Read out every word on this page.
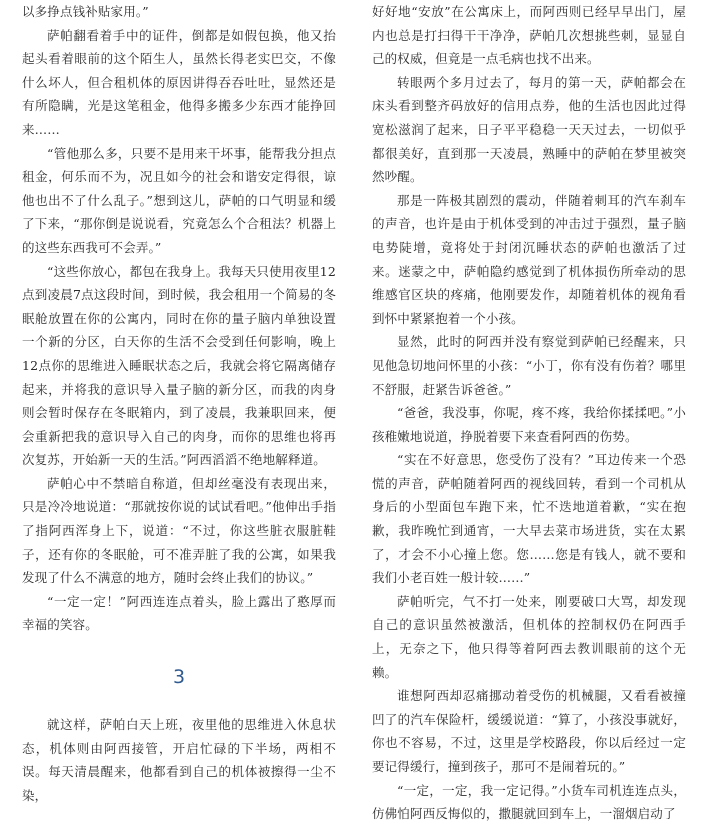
以多挣点钱补贴家用。”

萨帕翻看着手中的证件，倒都是如假包换，他又抬起头看着眼前的这个陌生人，虽然长得老实巴交，不像什么坏人，但合租机体的原因讲得吞吞吐吐，显然还是有所隐瞒，光是这笔租金，他得多搬多少东西才能挣回来……

“管他那么多，只要不是用来干坏事，能帮我分担点租金，何乐而不为，况且如今的社会和谐安定得很，谅他也出不了什么乱子。”想到这儿，萨帕的口气明显和缓了下来，“那你倒是说说看，究竟怎么个合租法？机器上的这些东西我可不会弄。”

“这些你放心，都包在我身上。我每天只使用夜里12点到凌晨7点这段时间，到时候，我会租用一个简易的冬眠舱放置在你的公寓内，同时在你的量子脑内单独设置一个新的分区，白天你的生活不会受到任何影响，晚上12点你的思维进入睡眠状态之后，我就会将它隔离储存起来，并将我的意识导入量子脑的新分区，而我的肉身则会暂时保存在冬眠箱内，到了凌晨，我兼职回来，便会重新把我的意识导入自己的肉身，而你的思维也将再次复苏，开始新一天的生活。”阿西滔滔不绝地解释道。

萨帕心中不禁暗自称道，但却丝毫没有表现出来，只是冷冷地说道：“那就按你说的试试看吧。”他伸出手指了指阿西浑身上下，说道：“不过，你这些脏衣服脏鞋子，还有你的冬眠舱，可不准弄脏了我的公寓，如果我发现了什么不满意的地方，随时会终止我们的协议。”

“一定一定！”阿西连连点着头，脸上露出了憨厚而幸福的笑容。

3

就这样，萨帕白天上班，夜里他的思维进入休息状态，机体则由阿西接管，开启忙碌的下半场，两相不误。每天清晨醒来，他都看到自己的机体被擦得一尘不染，

好好地“安放”在公寓床上，而阿西则已经早早出门，屋内也总是打扫得干干净净，萨帕几次想挑些刺，显显自己的权威，但竟是一点毛病也找不出来。

转眼两个多月过去了，每月的第一天，萨帕都会在床头看到整齐码放好的信用点券，他的生活也因此过得宽松滋润了起来，日子平平稳稳一天天过去，一切似乎都很美好，直到那一天凌晨，熟睡中的萨帕在梦里被突然吵醒。

那是一阵极其剧烈的震动，伴随着刺耳的汽车刹车的声音，也许是由于机体受到的冲击过于强烈，量子脑电势陡增，竟将处于封闭沉睡状态的萨帕也激活了过来。迷蒙之中，萨帕隐约感觉到了机体损伤所牵动的思维感官区块的疼痛，他刚要发作，却随着机体的视角看到怀中紧紧抱着一个小孩。

显然，此时的阿西并没有察觉到萨帕已经醒来，只见他急切地问怀里的小孩：“小丁，你有没有伤着？哪里不舒服，赶紧告诉爸爸。”

“爸爸，我没事，你呢，疼不疼，我给你揉揉吧。”小孩稚嫩地说道，挣脱着要下来查看阿西的伤势。

“实在不好意思，您受伤了没有？”耳边传来一个恐慌的声音，萨帕随着阿西的视线回转，看到一个司机从身后的小型面包车跑下来，忙不迭地道着歉，“实在抱歉，我昨晚忙到通宵，一大早去菜市场进货，实在太累了，才会不小心撞上您。您……您是有钱人，就不要和我们小老百姓一般计较……”

萨帕听完，气不打一处来，刚要破口大骂，却发现自己的意识虽然被激活，但机体的控制权仍在阿西手上，无奈之下，他只得等着阿西去教训眼前的这个无赖。

谁想阿西却忍痛挪动着受伤的机械腿，又看看被撞凹了的汽车保险杆，缓缓说道：“算了，小孩没事就好，你也不容易，不过，这里是学校路段，你以后经过一定要记得缓行，撞到孩子，那可不是闹着玩的。”

“一定，一定，我一定记得。”小货车司机连连点头，仿佛怕阿西反悔似的，撒腿就回到车上，一溜烟启动了
